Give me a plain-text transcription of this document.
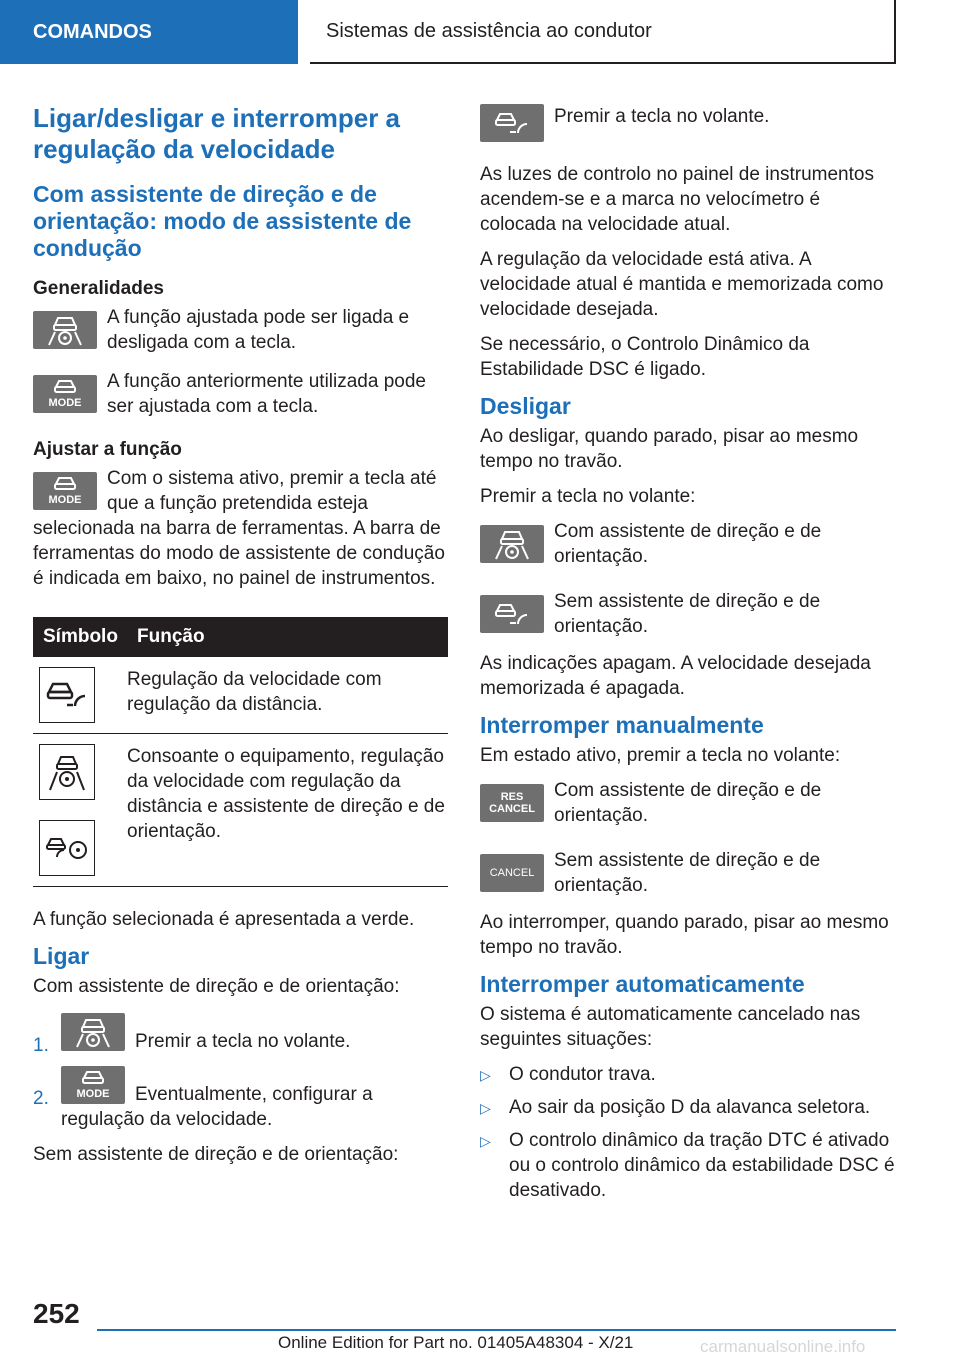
COMANDOS	Sistemas de assistência ao condutor
Ligar/desligar e interromper a regulação da velocidade
Com assistente de direção e de orientação: modo de assistente de condução
Generalidades
A função ajustada pode ser ligada e desligada com a tecla.
MODE
A função anteriormente utilizada pode ser ajustada com a tecla.
Ajustar a função
MODE

Com o sistema ativo, premir a tecla até que a função pretendida esteja selecionada na barra de ferramentas. A barra de ferramentas do modo de assistente de condução é indicada em baixo, no painel de instrumentos.

Símbolo	Função

	Regulação da velocidade com regulação da distância.

	Consoante o equipamento, regulação da velocidade com regulação da distância e assistente de direção e de orientação.

A função selecionada é apresentada a verde.

Ligar

Com assistente de direção e de orientação:

1.	Premir a tecla no volante.
2.	MODE	Eventualmente, configurar a regulação da velocidade.

Sem assistente de direção e de orientação:

Premir a tecla no volante.

As luzes de controlo no painel de instrumentos acendem-se e a marca no velocímetro é colocada na velocidade atual.

A regulação da velocidade está ativa. A velocidade atual é mantida e memorizada como velocidade desejada.

Se necessário, o Controlo Dinâmico da Estabilidade DSC é ligado.

Desligar

Ao desligar, quando parado, pisar ao mesmo tempo no travão.

Premir a tecla no volante:

Com assistente de direção e de orientação.
Sem assistente de direção e de orientação.

As indicações apagam. A velocidade desejada memorizada é apagada.

Interromper manualmente

Em estado ativo, premir a tecla no volante:

RES
CANCEL
Com assistente de direção e de orientação.
CANCEL
Sem assistente de direção e de orientação.

Ao interromper, quando parado, pisar ao mesmo tempo no travão.

Interromper automaticamente

O sistema é automaticamente cancelado nas seguintes situações:

▷ O condutor trava.
▷ Ao sair da posição D da alavanca seletora.
▷ O controlo dinâmico da tração DTC é ativado ou o controlo dinâmico da estabilidade DSC é desativado.
252
Online Edition for Part no. 01405A48304 - X/21	carmanualsonline.info
